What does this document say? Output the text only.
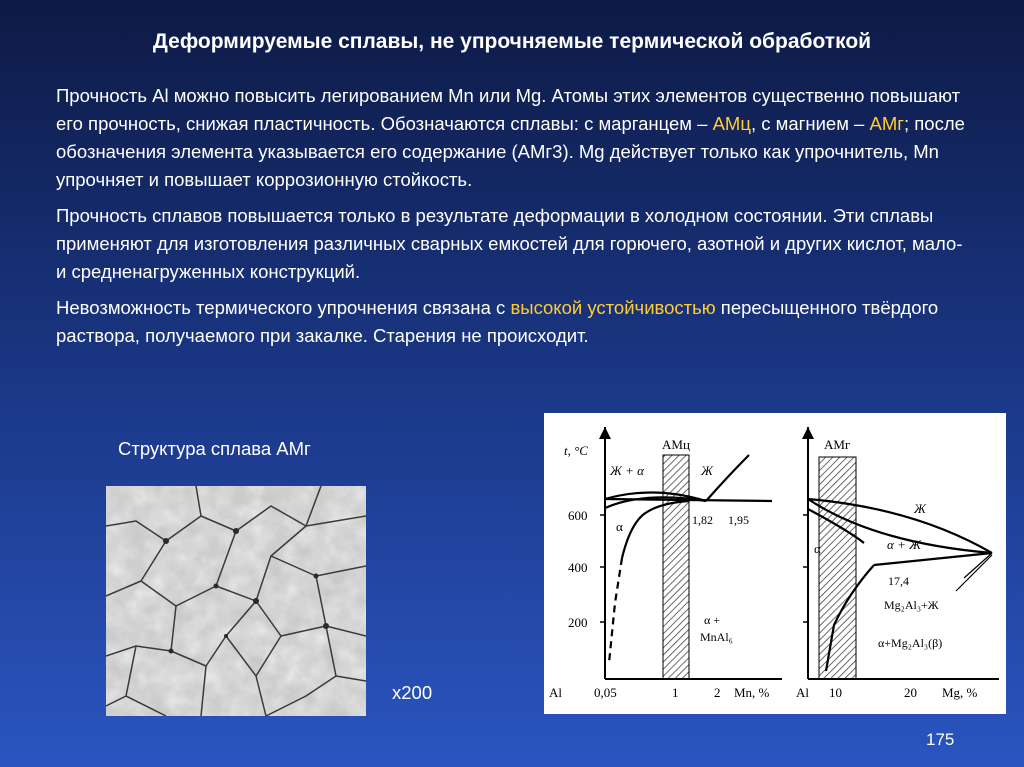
Деформируемые сплавы, не упрочняемые термической обработкой

Прочность Al можно повысить легированием Mn или Mg. Атомы этих элементов существенно повышают его прочность, снижая пластичность. Обозначаются сплавы: с марганцем – АМц, с магнием – АМг; после обозначения элемента указывается его содержание (АМг3). Mg действует только как упрочнитель, Mn упрочняет и повышает коррозионную стойкость.

Прочность сплавов повышается только в результате деформации в холодном состоянии. Эти сплавы применяют для изготовления различных сварных емкостей для горючего, азотной и других кислот, мало- и средненагруженных конструкций.

Невозможность термического упрочнения связана с высокой устойчивостью пересыщенного твёрдого раствора, получаемого при закалке. Старения не происходит.

Структура сплава АМг
x200
t, °C
600
400
200
АМц
Ж + α	Ж
α	1,82 1,95
α +
MnAl₆
Al 0,05	1	2 Mn, %
АМг
Ж
α	α + Ж
17,4
Mg₂Al₃+Ж
α+Mg₂Al₃(β)
Al 10	20 Mg, %
175
